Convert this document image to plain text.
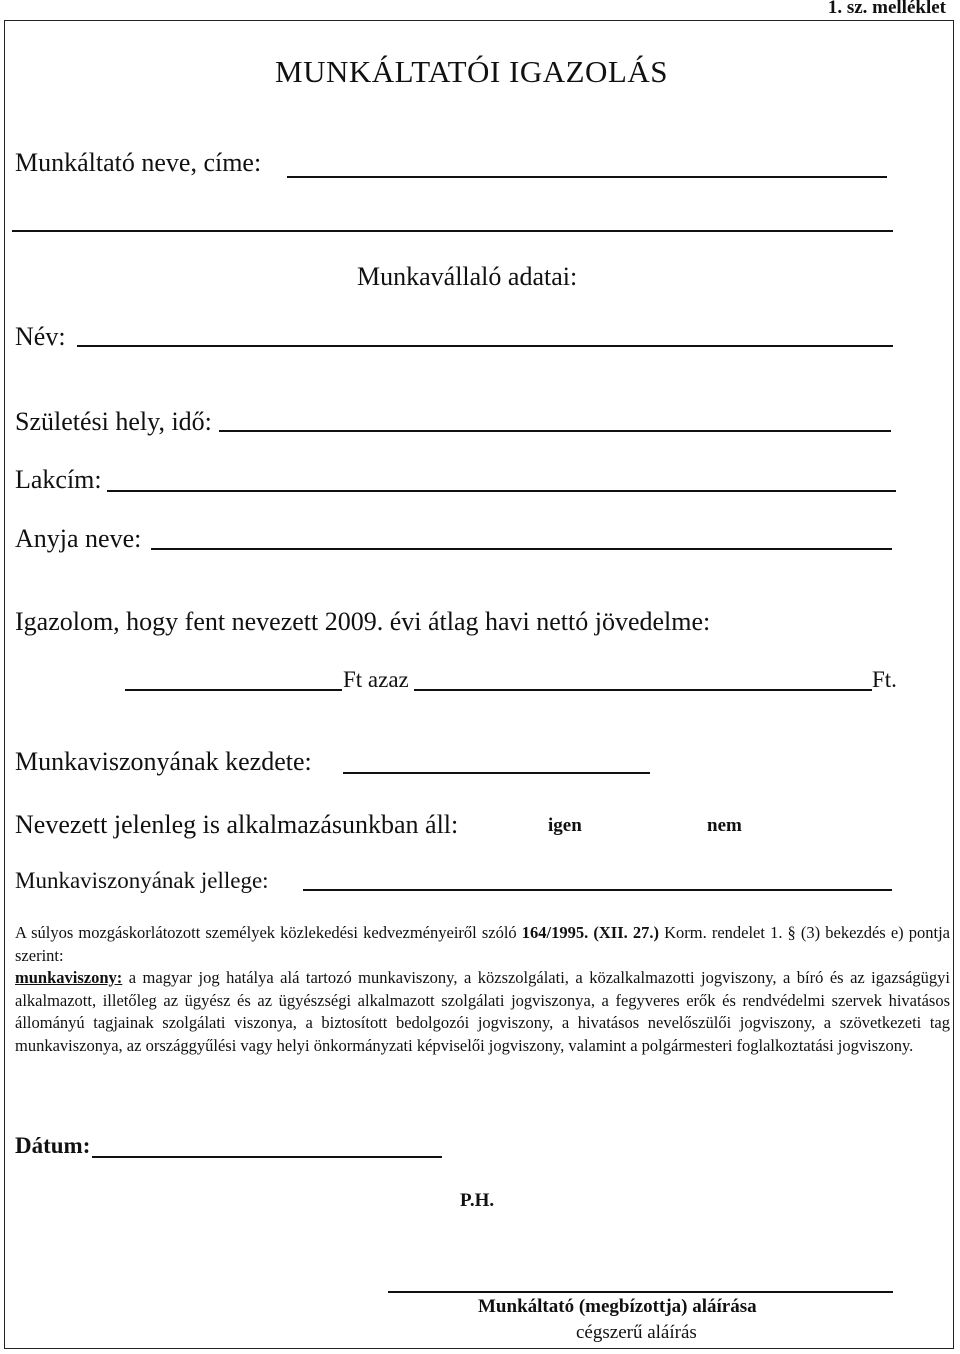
1. sz. melléklet
MUNKÁLTATÓI IGAZOLÁS
Munkáltató neve, címe:
Munkavállaló adatai:
Név:
Születési hely, idő:
Lakcím:
Anyja neve:
Igazolom, hogy fent nevezett 2009. évi átlag havi nettó jövedelme:
Ft azaz	Ft.
Munkaviszonyának kezdete:
Nevezett jelenleg is alkalmazásunkban áll:	igen	nem
Munkaviszonyának jellege:
A súlyos mozgáskorlátozott személyek közlekedési kedvezményeiről szóló 164/1995. (XII. 27.) Korm. rendelet 1. § (3) bekezdés e) pontja szerint:
munkaviszony: a magyar jog hatálya alá tartozó munkaviszony, a közszolgálati, a közalkalmazotti jogviszony, a bíró és az igazságügyi alkalmazott, illetőleg az ügyész és az ügyészségi alkalmazott szolgálati jogviszonya, a fegyveres erők és rendvédelmi szervek hivatásos állományú tagjainak szolgálati viszonya, a biztosított bedolgozói jogviszony, a hivatásos nevelőszülői jogviszony, a szövetkezeti tag munkaviszonya, az országgyűlési vagy helyi önkormányzati képviselői jogviszony, valamint a polgármesteri foglalkoztatási jogviszony.
Dátum:
P.H.
Munkáltató (megbízottja) aláírása
cégszerű aláírás
